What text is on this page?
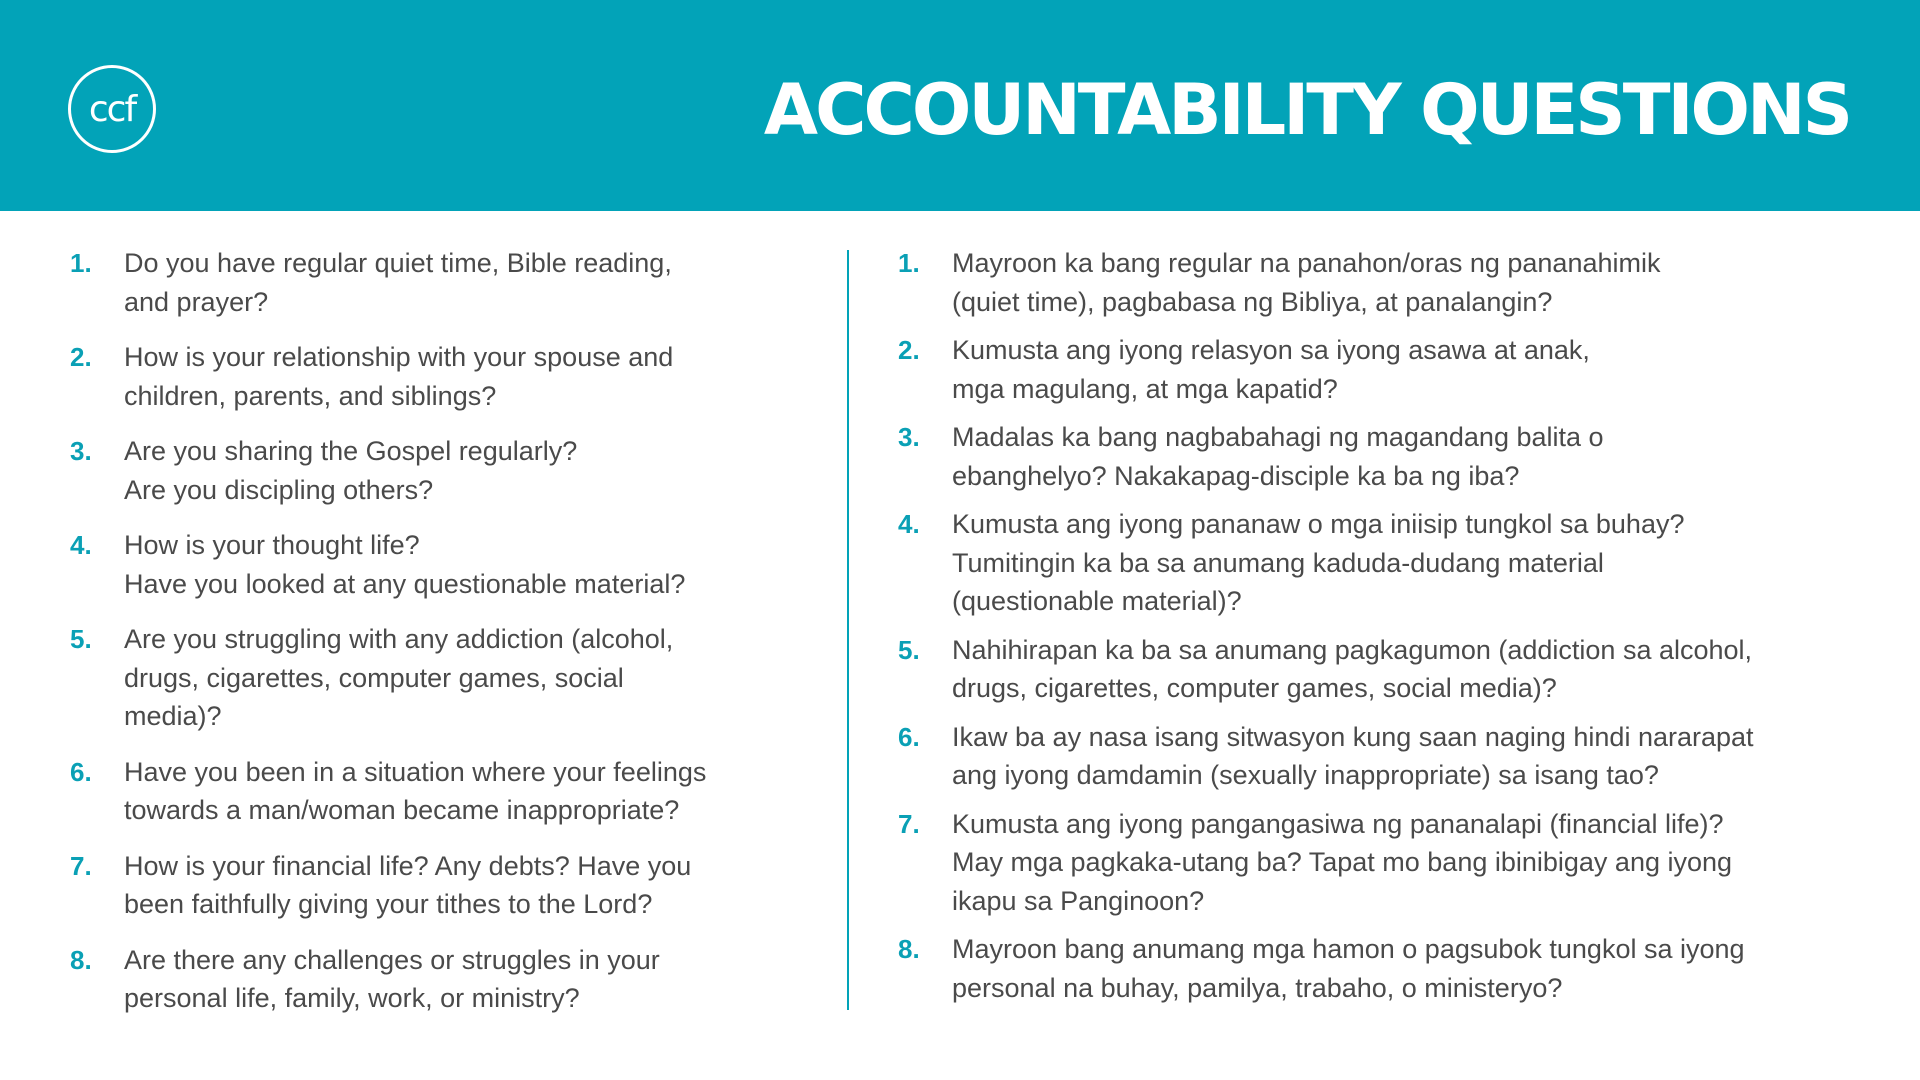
ccf	ACCOUNTABILITY QUESTIONS
1.	Do you have regular quiet time, Bible reading,
and prayer?
2.	How is your relationship with your spouse and
children, parents, and siblings?
3.	Are you sharing the Gospel regularly?
Are you discipling others?
4.	How is your thought life?
Have you looked at any questionable material?
5.	Are you struggling with any addiction (alcohol,
drugs, cigarettes, computer games, social
media)?
6.	Have you been in a situation where your feelings
towards a man/woman became inappropriate?
7.	How is your financial life? Any debts? Have you
been faithfully giving your tithes to the Lord?
8.	Are there any challenges or struggles in your
personal life, family, work, or ministry?
1.	Mayroon ka bang regular na panahon/oras ng pananahimik
(quiet time), pagbabasa ng Bibliya, at panalangin?
2.	Kumusta ang iyong relasyon sa iyong asawa at anak,
mga magulang, at mga kapatid?
3.	Madalas ka bang nagbabahagi ng magandang balita o
ebanghelyo? Nakakapag-disciple ka ba ng iba?
4.	Kumusta ang iyong pananaw o mga iniisip tungkol sa buhay?
Tumitingin ka ba sa anumang kaduda-dudang material
(questionable material)?
5.	Nahihirapan ka ba sa anumang pagkagumon (addiction sa alcohol,
drugs, cigarettes, computer games, social media)?
6.	Ikaw ba ay nasa isang sitwasyon kung saan naging hindi nararapat
ang iyong damdamin (sexually inappropriate) sa isang tao?
7.	Kumusta ang iyong pangangasiwa ng pananalapi (financial life)?
May mga pagkaka-utang ba? Tapat mo bang ibinibigay ang iyong
ikapu sa Panginoon?
8.	Mayroon bang anumang mga hamon o pagsubok tungkol sa iyong
personal na buhay, pamilya, trabaho, o ministeryo?
